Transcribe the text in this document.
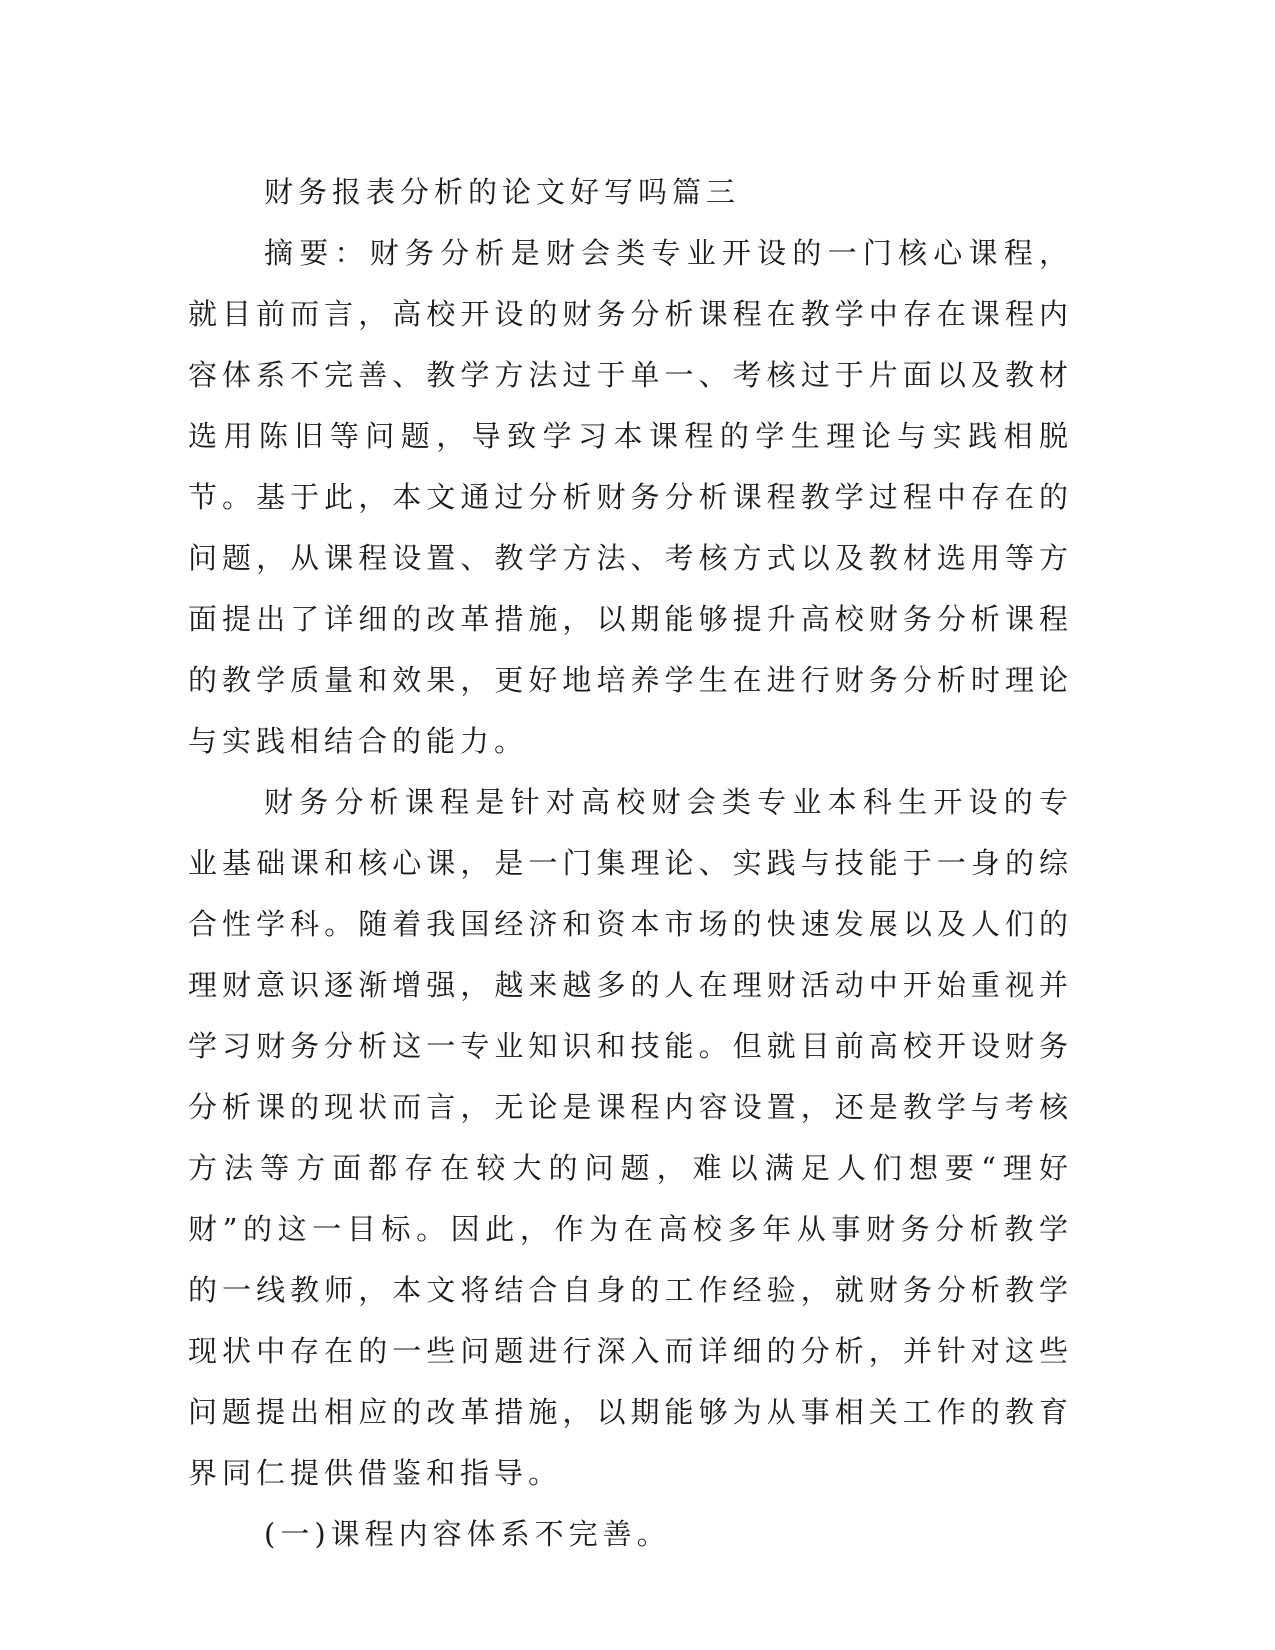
财务报表分析的论文好写吗篇三

摘要：财务分析是财会类专业开设的一门核心课程，就目前而言，高校开设的财务分析课程在教学中存在课程内容体系不完善、教学方法过于单一、考核过于片面以及教材选用陈旧等问题，导致学习本课程的学生理论与实践相脱节。基于此，本文通过分析财务分析课程教学过程中存在的问题，从课程设置、教学方法、考核方式以及教材选用等方面提出了详细的改革措施，以期能够提升高校财务分析课程的教学质量和效果，更好地培养学生在进行财务分析时理论与实践相结合的能力。

财务分析课程是针对高校财会类专业本科生开设的专业基础课和核心课，是一门集理论、实践与技能于一身的综合性学科。随着我国经济和资本市场的快速发展以及人们的理财意识逐渐增强，越来越多的人在理财活动中开始重视并学习财务分析这一专业知识和技能。但就目前高校开设财务分析课的现状而言，无论是课程内容设置，还是教学与考核方法等方面都存在较大的问题，难以满足人们想要“理好财”的这一目标。因此，作为在高校多年从事财务分析教学的一线教师，本文将结合自身的工作经验，就财务分析教学现状中存在的一些问题进行深入而详细的分析，并针对这些问题提出相应的改革措施，以期能够为从事相关工作的教育界同仁提供借鉴和指导。

(一)课程内容体系不完善。
